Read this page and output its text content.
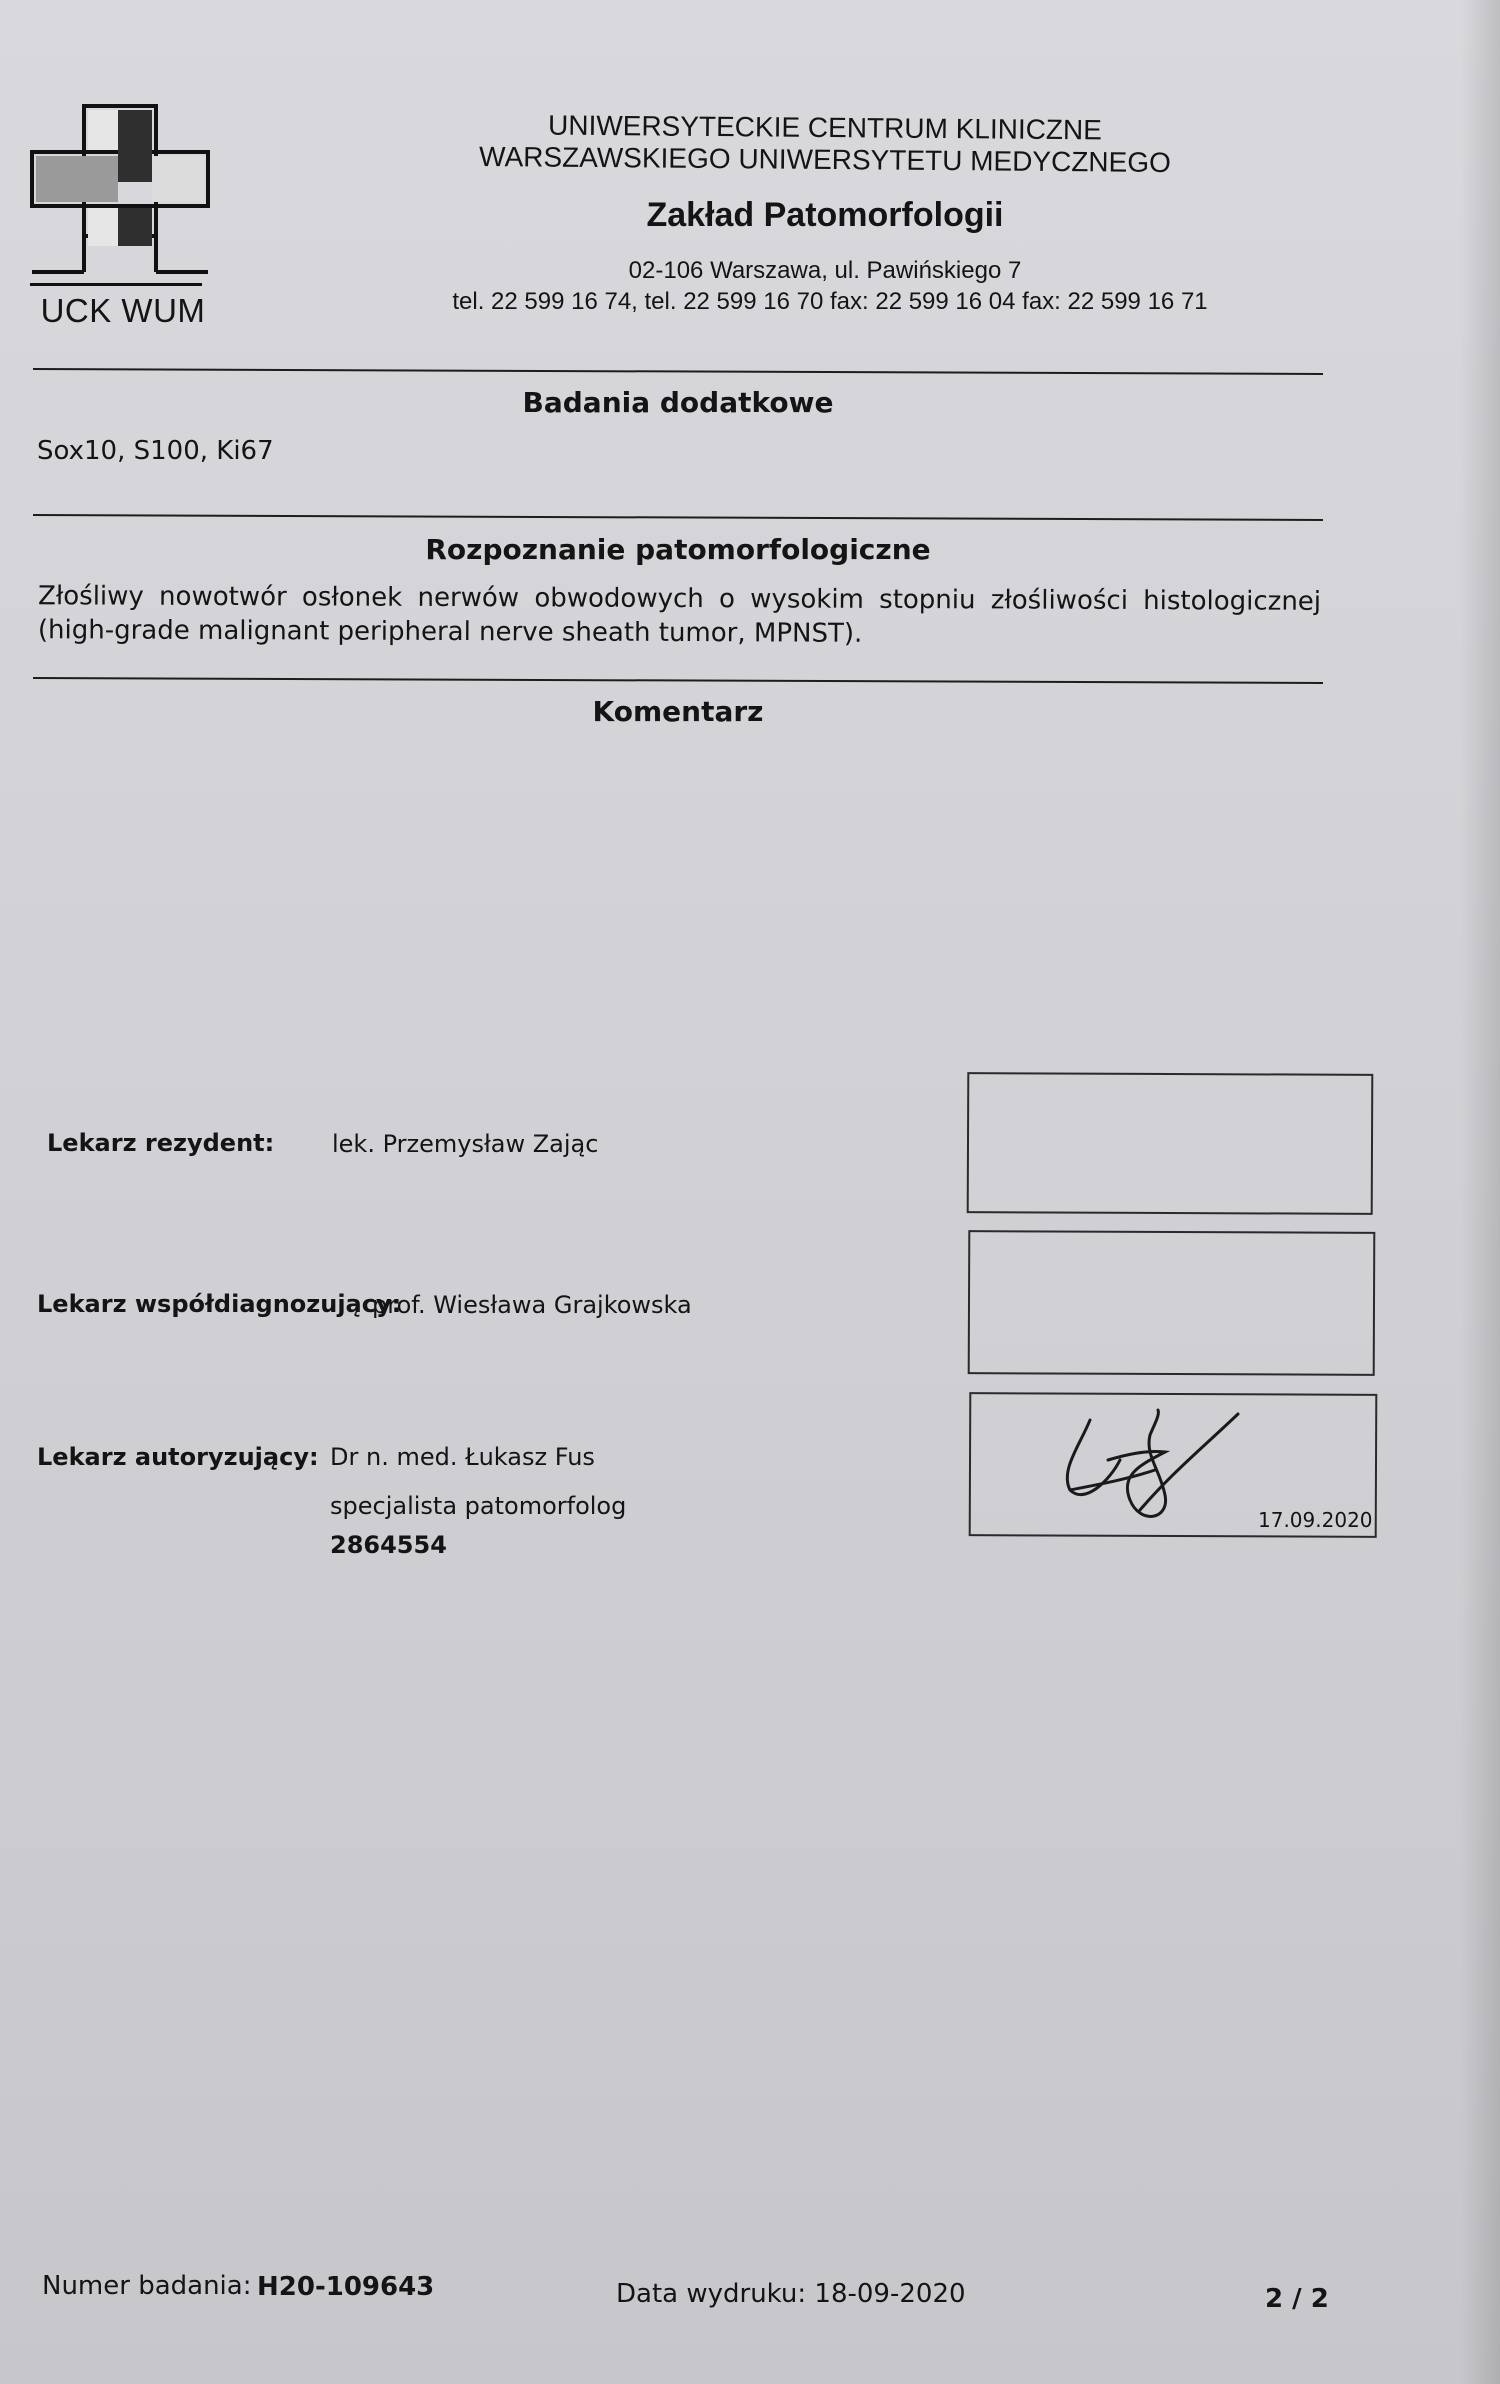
UCK WUM
UNIWERSYTECKIE CENTRUM KLINICZNE
WARSZAWSKIEGO UNIWERSYTETU MEDYCZNEGO
Zakład Patomorfologii
02-106 Warszawa, ul. Pawińskiego 7
tel. 22 599 16 74, tel. 22 599 16 70 fax: 22 599 16 04 fax: 22 599 16 71
Badania dodatkowe
Sox10, S100, Ki67
Rozpoznanie patomorfologiczne
Złośliwy nowotwór osłonek nerwów obwodowych o wysokim stopniu złośliwości histologicznej (high-grade malignant peripheral nerve sheath tumor, MPNST).
Komentarz
Lekarz rezydent: lek. Przemysław Zając
Lekarz współdiagnozujący:
prof. Wiesława Grajkowska
Lekarz autoryzujący: Dr n. med. Łukasz Fus
specjalista patomorfolog
2864554
17.09.2020
Numer badania: H20-109643	Data wydruku: 18-09-2020	2 / 2
